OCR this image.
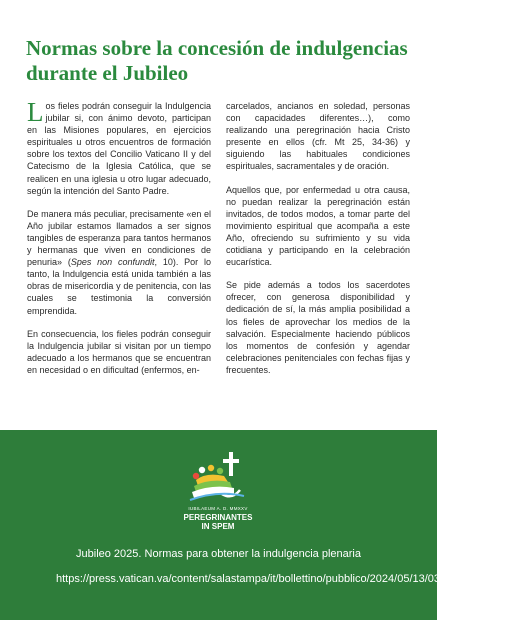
Normas sobre la concesión de indulgencias durante el Jubileo

Los fieles podrán conseguir la Indulgencia jubilar si, con ánimo devoto, participan en las Misiones populares, en ejercicios espirituales u otros encuentros de formación sobre los textos del Concilio Vaticano II y del Catecismo de la Iglesia Católica, que se realicen en una iglesia u otro lugar adecuado, según la intención del Santo Padre.

De manera más peculiar, precisamente «en el Año jubilar estamos llamados a ser signos tangibles de esperanza para tantos hermanos y hermanas que viven en condiciones de penuria» (Spes non confundit, 10). Por lo tanto, la Indulgencia está unida también a las obras de misericordia y de penitencia, con las cuales se testimonia la conversión emprendida.

En consecuencia, los fieles podrán conseguir la Indulgencia jubilar si visitan por un tiempo adecuado a los hermanos que se encuentran en necesidad o en dificultad (enfermos, en-

carcelados, ancianos en soledad, personas con capacidades diferentes…), como realizando una peregrinación hacia Cristo presente en ellos (cfr. Mt 25, 34-36) y siguiendo las habituales condiciones espirituales, sacramentales y de oración.

Aquellos que, por enfermedad u otra causa, no puedan realizar la peregrinación están invitados, de todos modos, a tomar parte del movimiento espiritual que acompaña a este Año, ofreciendo su sufrimiento y su vida cotidiana y participando en la celebración eucarística.

Se pide además a todos los sacerdotes ofrecer, con generosa disponibilidad y dedicación de sí, la más amplia posibilidad a los fieles de aprovechar los medios de la salvación. Especialmente haciendo públicos los momentos de confesión y agendar celebraciones penitenciales con fechas fijas y frecuentes.

IUBILAEUM A. D. MMXXV
PEREGRINANTES
IN SPEM
Jubileo 2025. Normas para obtener la indulgencia plenaria
https://press.vatican.va/content/salastampa/it/bollettino/pubblico/2024/05/13/0392/00808.html#es
